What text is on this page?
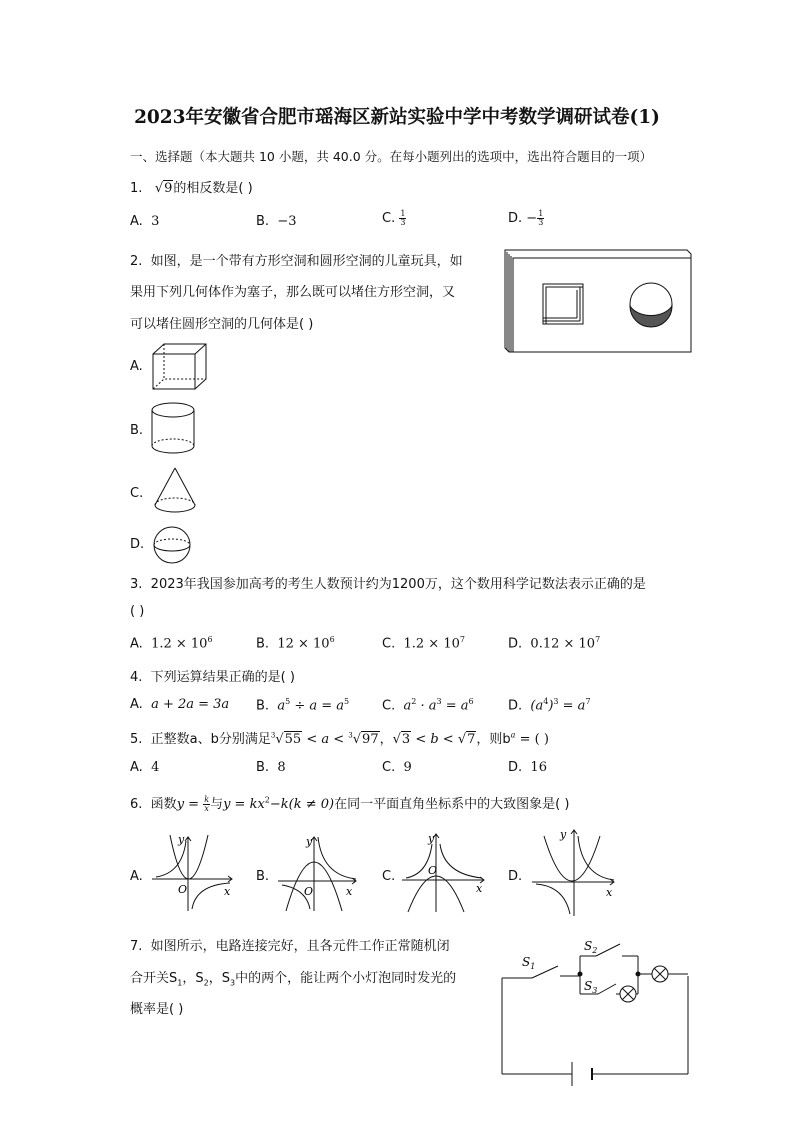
2023年安徽省合肥市瑶海区新站实验中学中考数学调研试卷(1)
一、选择题（本大题共 10 小题，共 40.0 分。在每小题列出的选项中，选出符合题目的一项）
1. √9的相反数是( )
A. 3	B. −3	C. $\frac{1}{3}$	D. − $\frac{1}{3}$
2. 如图，是一个带有方形空洞和圆形空洞的儿童玩具，如
果用下列几何体作为塞子，那么既可以堵住方形空洞，又
可以堵住圆形空洞的几何体是( )
A.
B.
C.
D.
3. 2023年我国参加高考的考生人数预计约为1200万，这个数用科学记数法表示正确的是
( )
A. $1.2 \times 10^6$	B. $12 \times 10^6$	C. $1.2 \times 10^7$	D. $0.12 \times 10^7$
4. 下列运算结果正确的是( )
A. a + 2a = 3a B. $a^5 \div a = a^5$	C. $a^2 \cdot a^3 = a^6$	D. $(a^4)^3 = a^7$
5. 正整数a、b分别满足$^3$√55 < a < $^3$√97，√3 < b < √7，则$b^a$ = ( )
A. 4	B. 8	C. 9	D. 16
6. 函数$y = \frac{k}{x}$ 与$y = kx^2-k(k \ne 0)$在同一平面直角坐标系中的大致图象是( )
A.	B.	C.	D.
O	x
y
O	x
y
O
x
y	y
x
7. 如图所示，电路连接完好，且各元件工作正常随机闭
合开关$S_1$，$S_2$，$S_3$中的两个，能让两个小灯泡同时发光的
概率是( )
$S_1$
$S_2$
$S_3$
